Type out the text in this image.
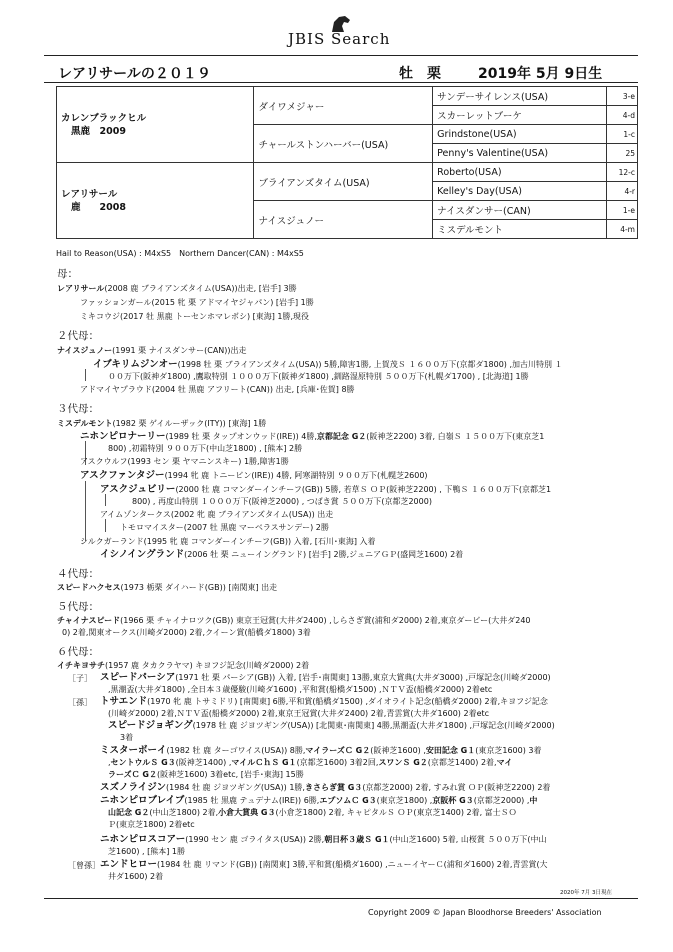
JBIS Search
レアリサールの２０１９	牡　栗	2019年 5月 9日生
カレンブラックヒル
黒鹿　2009	ダイワメジャー	サンデーサイレンス(USA)	3-e
		スカーレットブーケ	4-d
	チャールストンハーバー(USA)	Grindstone(USA)	1-c
		Penny's Valentine(USA)	25
レアリサール
鹿　　2008	ブライアンズタイム(USA)	Roberto(USA)	12-c
		Kelley's Day(USA)	4-r
	ナイスジュノー	ナイスダンサー(CAN)	1-e
		ミスデルモント	4-m
Hail to Reason(USA) : M4xS5　Northern Dancer(CAN) : M4xS5
母：
レアリサール(2008 鹿 ブライアンズタイム(USA))出走, [岩手] 3勝
ファッションガール(2015 牝 栗 アドマイヤジャパン) [岩手] 1勝
ミキコウジ(2017 牡 黒鹿 トーセンホマレボシ) [東海] 1勝,現役
２代母：
ナイスジュノー(1991 栗 ナイスダンサー(CAN))出走
イブキリムジンオー(1998 牡 栗 ブライアンズタイム(USA)) 5勝,障害1勝, 上賀茂Ｓ １６００万下(京都ダ1800) ,加古川特別 １
００万下(阪神ダ1800) ,鷹取特別 １０００万下(阪神ダ1800) ,釧路湿原特別 ５００万下(札幌ダ1700) , [北海道] 1勝
アドマイヤプラウド(2004 牡 黒鹿 アフリート(CAN)) 出走, [兵庫･佐賀] 8勝
３代母：
ミスデルモント(1982 栗 ゲイルーザック(ITY)) [東海] 1勝
ニホンピロナーリー(1989 牡 栗 タップオンウッド(IRE)) 4勝,京都記念 G２(阪神芝2200) 3着, 白嶺Ｓ １５００万下(東京芝1
800) ,初霜特別 ９００万下(中山芝1800) , [熊本] 2勝
アスクウルフ(1993 セン 栗 ヤマニンスキー) 1勝,障害1勝
アスクファンタジー(1994 牝 鹿 トニービン(IRE)) 4勝, 阿寒湖特別 ９００万下(札幌芝2600)
アスクジュビリー(2000 牡 鹿 コマンダーインチーフ(GB)) 5勝, 若草Ｓ ＯＰ(阪神芝2200) , 下鴨Ｓ １６００万下(京都芝1
800) , 再度山特別 １０００万下(阪神芝2000) , つばき賞 ５００万下(京都芝2000)
アイムゾンタークス(2002 牝 鹿 ブライアンズタイム(USA)) 出走
トモロマイスター(2007 牡 黒鹿 マーベラスサンデー) 2勝
シルクガーランド(1995 牝 鹿 コマンダーインチーフ(GB)) 入着, [石川･東海] 入着
イシノイングランド(2006 牡 栗 ニューイングランド) [岩手] 2勝,ジュニアＧＰ(盛岡芝1600) 2着
４代母：
スピードハクセス(1973 栃栗 ダイハード(GB)) [南関東] 出走
５代母：
チャイナスピード(1966 栗 チャイナロツク(GB)) 東京王冠賞(大井ダ2400) ,しらさぎ賞(浦和ダ2000) 2着,東京ダービー(大井ダ240
0) 2着,関東オークス(川崎ダ2000) 2着,クイーン賞(船橋ダ1800) 3着
６代母：
イチキヨサチ(1957 鹿 タカクラヤマ) キヨフジ記念(川崎ダ2000) 2着
［子］ スピードパーシア(1971 牡 栗 パーシア(GB)) 入着, [岩手･南関東] 13勝,東京大賞典(大井ダ3000) ,戸塚記念(川崎ダ2000)
,黒潮盃(大井ダ1800) ,全日本３歳優駿(川崎ダ1600) ,平和賞(船橋ダ1500) ,ＮＴＶ盃(船橋ダ2000) 2着etc
［孫］ トサエンド(1970 牝 鹿 トサミドリ) [南関東] 6勝,平和賞(船橋ダ1500) ,ダイオライト記念(船橋ダ2000) 2着,キヨフジ記念
(川崎ダ2000) 2着,ＮＴＶ盃(船橋ダ2000) 2着,東京王冠賞(大井ダ2400) 2着,青雲賞(大井ダ1600) 2着etc
スピードジョギング(1978 牡 鹿 ジヨツギング(USA)) [北関東･南関東] 4勝,黒潮盃(大井ダ1800) ,戸塚記念(川崎ダ2000)
3着
ミスターボーイ(1982 牡 鹿 ターゴワイス(USA)) 8勝,マイラーズＣ G２(阪神芝1600) ,安田記念 G１(東京芝1600) 3着
,セントウルＳ G３(阪神芝1400) ,マイルＣｈＳ G１(京都芝1600) 3着2回,スワンＳ G２(京都芝1400) 2着,マイ
ラーズＣ G２(阪神芝1600) 3着etc, [岩手･東海] 15勝
スズノライジン(1984 牡 鹿 ジヨツギング(USA)) 1勝,きさらぎ賞 G３(京都芝2000) 2着, すみれ賞 ＯＰ(阪神芝2200) 2着
ニホンピロブレイブ(1985 牡 黒鹿 テュデナム(IRE)) 6勝,エプソムＣ G３(東京芝1800) ,京阪杯 G３(京都芝2000) ,中
山記念 G２(中山芝1800) 2着,小倉大賞典 G３(小倉芝1800) 2着, キャピタルＳ ＯＰ(東京芝1400) 2着, 富士ＳＯ
Ｐ(東京芝1800) 2着etc
ニホンピロスコアー(1990 セン 鹿 ゴライタス(USA)) 2勝,朝日杯３歳Ｓ G１(中山芝1600) 5着, 山桜賞 ５００万下(中山
芝1600) , [熊本] 1勝
［曾孫］ エンドヒロー(1984 牡 鹿 リマンド(GB)) [南関東] 3勝,平和賞(船橋ダ1600) ,ニューイヤーＣ(浦和ダ1600) 2着,青雲賞(大
井ダ1600) 2着
2020年 7月 3日現在
Copyright 2009 © Japan Bloodhorse Breeders' Association
